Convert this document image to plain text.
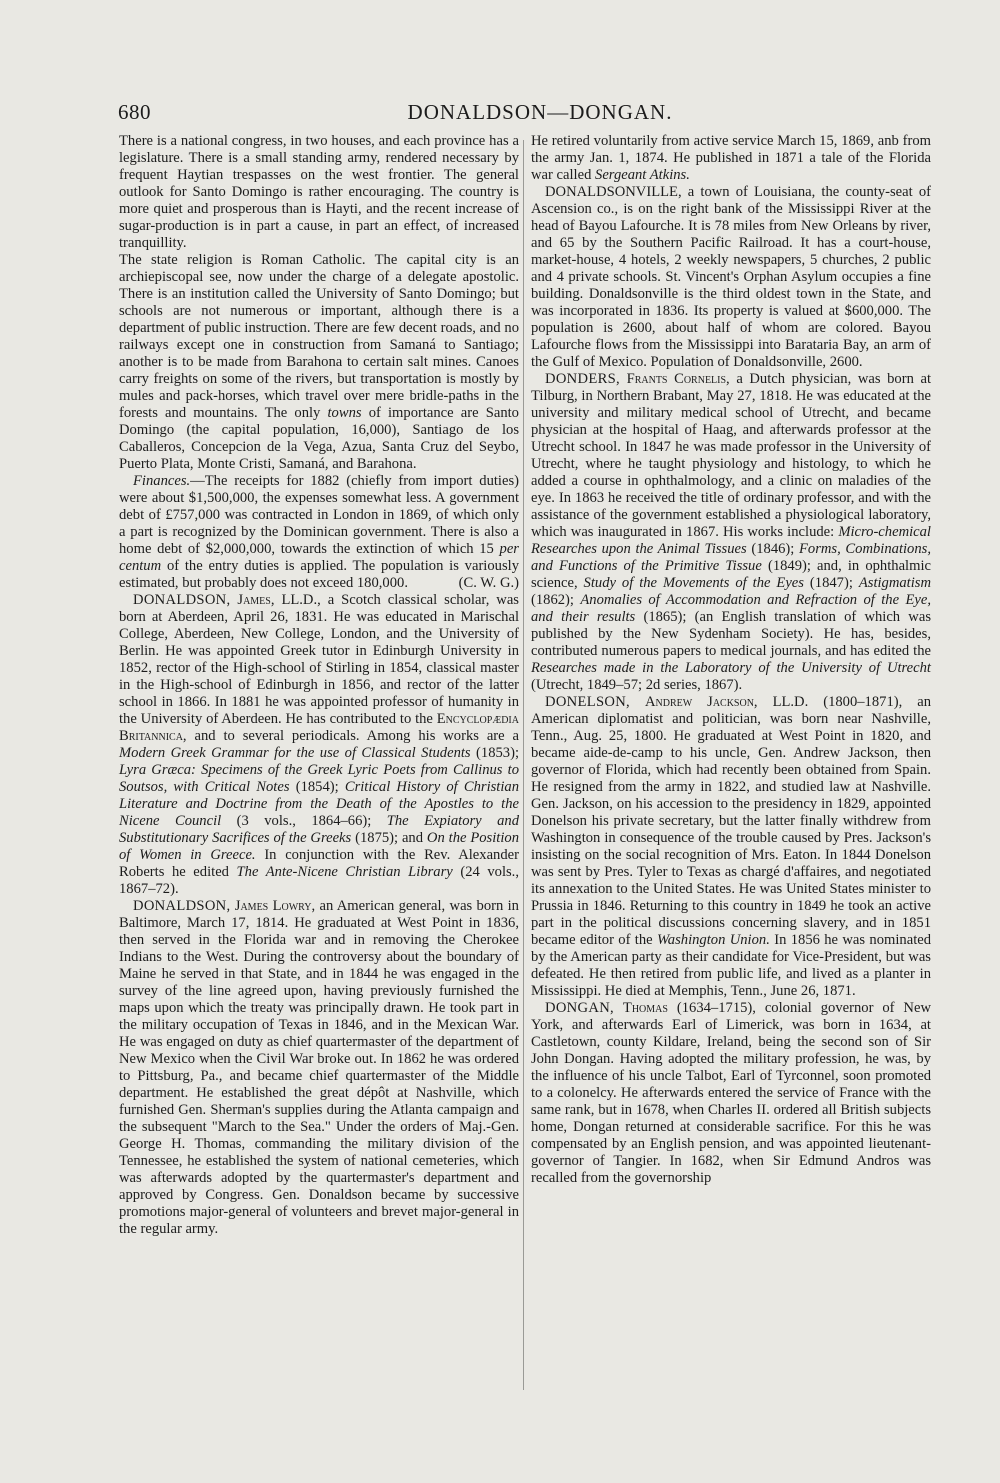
680	DONALDSON—DONGAN.

There is a national congress, in two houses, and each province has a legislature. There is a small standing army, rendered necessary by frequent Haytian trespasses on the west frontier. The general outlook for Santo Domingo is rather encouraging. The country is more quiet and prosperous than is Hayti, and the recent increase of sugar-production is in part a cause, in part an effect, of increased tranquillity.

The state religion is Roman Catholic. The capital city is an archiepiscopal see, now under the charge of a delegate apostolic. There is an institution called the University of Santo Domingo; but schools are not numerous or important, although there is a department of public instruction. There are few decent roads, and no railways except one in construction from Samaná to Santiago; another is to be made from Barahona to certain salt mines. Canoes carry freights on some of the rivers, but transportation is mostly by mules and pack-horses, which travel over mere bridle-paths in the forests and mountains. The only towns of importance are Santo Domingo (the capital population, 16,000), Santiago de los Caballeros, Concepcion de la Vega, Azua, Santa Cruz del Seybo, Puerto Plata, Monte Cristi, Samaná, and Barahona.

Finances.—The receipts for 1882 (chiefly from import duties) were about $1,500,000, the expenses somewhat less. A government debt of £757,000 was contracted in London in 1869, of which only a part is recognized by the Dominican government. There is also a home debt of $2,000,000, towards the extinction of which 15 per centum of the entry duties is applied. The population is variously estimated, but probably does not exceed 180,000.	(C. W. G.)

DONALDSON, James, LL.D., a Scotch classical scholar, was born at Aberdeen, April 26, 1831. He was educated in Marischal College, Aberdeen, New College, London, and the University of Berlin. He was appointed Greek tutor in Edinburgh University in 1852, rector of the High-school of Stirling in 1854, classical master in the High-school of Edinburgh in 1856, and rector of the latter school in 1866. In 1881 he was appointed professor of humanity in the University of Aberdeen. He has contributed to the Encyclopædia Britannica, and to several periodicals. Among his works are a Modern Greek Grammar for the use of Classical Students (1853); Lyra Græca: Specimens of the Greek Lyric Poets from Callinus to Soutsos, with Critical Notes (1854); Critical History of Christian Literature and Doctrine from the Death of the Apostles to the Nicene Council (3 vols., 1864–66); The Expiatory and Substitutionary Sacrifices of the Greeks (1875); and On the Position of Women in Greece. In conjunction with the Rev. Alexander Roberts he edited The Ante-Nicene Christian Library (24 vols., 1867–72).

DONALDSON, James Lowry, an American general, was born in Baltimore, March 17, 1814. He graduated at West Point in 1836, then served in the Florida war and in removing the Cherokee Indians to the West. During the controversy about the boundary of Maine he served in that State, and in 1844 he was engaged in the survey of the line agreed upon, having previously furnished the maps upon which the treaty was principally drawn. He took part in the military occupation of Texas in 1846, and in the Mexican War. He was engaged on duty as chief quartermaster of the department of New Mexico when the Civil War broke out. In 1862 he was ordered to Pittsburg, Pa., and became chief quartermaster of the Middle department. He established the great dépôt at Nashville, which furnished Gen. Sherman's supplies during the Atlanta campaign and the subsequent "March to the Sea." Under the orders of Maj.-Gen. George H. Thomas, commanding the military division of the Tennessee, he established the system of national cemeteries, which was afterwards adopted by the quartermaster's department and approved by Congress. Gen. Donaldson became by successive promotions major-general of volunteers and brevet major-general in the regular army.

He retired voluntarily from active service March 15, 1869, anb from the army Jan. 1, 1874. He published in 1871 a tale of the Florida war called Sergeant Atkins.

DONALDSONVILLE, a town of Louisiana, the county-seat of Ascension co., is on the right bank of the Mississippi River at the head of Bayou Lafourche. It is 78 miles from New Orleans by river, and 65 by the Southern Pacific Railroad. It has a court-house, market-house, 4 hotels, 2 weekly newspapers, 5 churches, 2 public and 4 private schools. St. Vincent's Orphan Asylum occupies a fine building. Donaldsonville is the third oldest town in the State, and was incorporated in 1836. Its property is valued at $600,000. The population is 2600, about half of whom are colored. Bayou Lafourche flows from the Mississippi into Barataria Bay, an arm of the Gulf of Mexico. Population of Donaldsonville, 2600.

DONDERS, Frants Cornelis, a Dutch physician, was born at Tilburg, in Northern Brabant, May 27, 1818. He was educated at the university and military medical school of Utrecht, and became physician at the hospital of Haag, and afterwards professor at the Utrecht school. In 1847 he was made professor in the University of Utrecht, where he taught physiology and histology, to which he added a course in ophthalmology, and a clinic on maladies of the eye. In 1863 he received the title of ordinary professor, and with the assistance of the government established a physiological laboratory, which was inaugurated in 1867. His works include: Micro-chemical Researches upon the Animal Tissues (1846); Forms, Combinations, and Functions of the Primitive Tissue (1849); and, in ophthalmic science, Study of the Movements of the Eyes (1847); Astigmatism (1862); Anomalies of Accommodation and Refraction of the Eye, and their results (1865); (an English translation of which was published by the New Sydenham Society). He has, besides, contributed numerous papers to medical journals, and has edited the Researches made in the Laboratory of the University of Utrecht (Utrecht, 1849–57; 2d series, 1867).

DONELSON, Andrew Jackson, LL.D. (1800–1871), an American diplomatist and politician, was born near Nashville, Tenn., Aug. 25, 1800. He graduated at West Point in 1820, and became aide-de-camp to his uncle, Gen. Andrew Jackson, then governor of Florida, which had recently been obtained from Spain. He resigned from the army in 1822, and studied law at Nashville. Gen. Jackson, on his accession to the presidency in 1829, appointed Donelson his private secretary, but the latter finally withdrew from Washington in consequence of the trouble caused by Pres. Jackson's insisting on the social recognition of Mrs. Eaton. In 1844 Donelson was sent by Pres. Tyler to Texas as chargé d'affaires, and negotiated its annexation to the United States. He was United States minister to Prussia in 1846. Returning to this country in 1849 he took an active part in the political discussions concerning slavery, and in 1851 became editor of the Washington Union. In 1856 he was nominated by the American party as their candidate for Vice-President, but was defeated. He then retired from public life, and lived as a planter in Mississippi. He died at Memphis, Tenn., June 26, 1871.

DONGAN, Thomas (1634–1715), colonial governor of New York, and afterwards Earl of Limerick, was born in 1634, at Castletown, county Kildare, Ireland, being the second son of Sir John Dongan. Having adopted the military profession, he was, by the influence of his uncle Talbot, Earl of Tyrconnel, soon promoted to a colonelcy. He afterwards entered the service of France with the same rank, but in 1678, when Charles II. ordered all British subjects home, Dongan returned at considerable sacrifice. For this he was compensated by an English pension, and was appointed lieutenant-governor of Tangier. In 1682, when Sir Edmund Andros was recalled from the governorship
